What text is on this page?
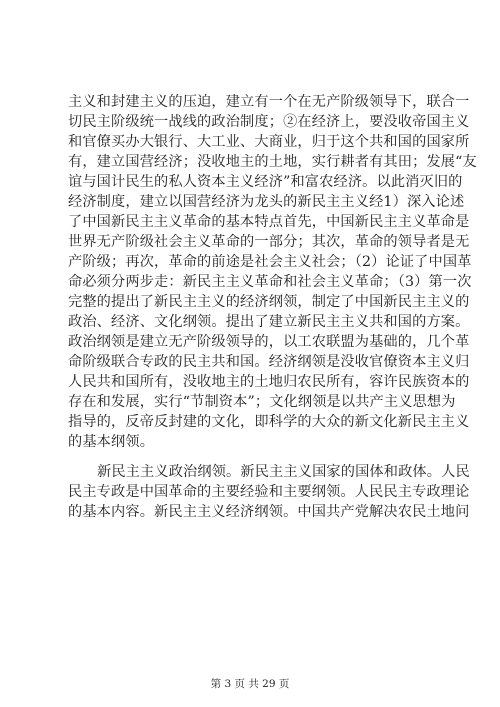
主义和封建主义的压迫，建立有一个在无产阶级领导下，联合一
切民主阶级统一战线的政治制度；②在经济上，要没收帝国主义
和官僚买办大银行、大工业、大商业，归于这个共和国的国家所
有，建立国营经济；没收地主的土地，实行耕者有其田；发展“友
谊与国计民生的私人资本主义经济”和富农经济。以此消灭旧的
经济制度，建立以国营经济为龙头的新民主主义经1）深入论述
了中国新民主主义革命的基本特点首先，中国新民主主义革命是
世界无产阶级社会主义革命的一部分；其次，革命的领导者是无
产阶级；再次，革命的前途是社会主义社会；（2）论证了中国革
命必须分两步走：新民主主义革命和社会主义革命；（3）第一次
完整的提出了新民主主义的经济纲领，制定了中国新民主主义的
政治、经济、文化纲领。提出了建立新民主主义共和国的方案。
政治纲领是建立无产阶级领导的，以工农联盟为基础的，几个革
命阶级联合专政的民主共和国。经济纲领是没收官僚资本主义归
人民共和国所有，没收地主的土地归农民所有，容许民族资本的
存在和发展，实行“节制资本”；文化纲领是以共产主义思想为
指导的，反帝反封建的文化，即科学的大众的新文化新民主主义
的基本纲领。
新民主主义政治纲领。新民主主义国家的国体和政体。人民
民主专政是中国革命的主要经验和主要纲领。人民民主专政理论
的基本内容。新民主主义经济纲领。中国共产党解决农民土地问
第 3 页 共 29 页
